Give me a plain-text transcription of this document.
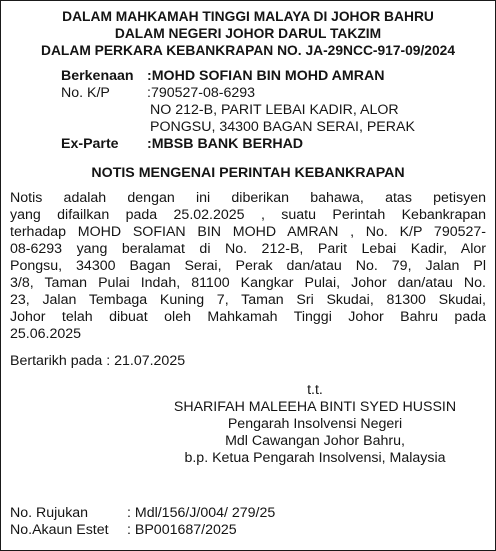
DALAM MAHKAMAH TINGGI MALAYA DI JOHOR BAHRU
DALAM NEGERI JOHOR DARUL TAKZIM
DALAM PERKARA KEBANKRAPAN NO. JA-29NCC-917-09/2024
Berkenaan :MOHD SOFIAN BIN MOHD AMRAN
No. K/P	:790527-08-6293
NO 212-B, PARIT LEBAI KADIR, ALOR
PONGSU, 34300 BAGAN SERAI, PERAK
Ex-Parte	:MBSB BANK BERHAD
NOTIS MENGENAI PERINTAH KEBANKRAPAN
Notis adalah dengan ini diberikan bahawa, atas petisyen
yang difailkan pada 25.02.2025 , suatu Perintah Kebankrapan
terhadap MOHD SOFIAN BIN MOHD AMRAN , No. K/P 790527-
08-6293 yang beralamat di No. 212-B, Parit Lebai Kadir, Alor
Pongsu, 34300 Bagan Serai, Perak dan/atau No. 79, Jalan Pl
3/8, Taman Pulai Indah, 81100 Kangkar Pulai, Johor dan/atau No.
23, Jalan Tembaga Kuning 7, Taman Sri Skudai, 81300 Skudai,
Johor telah dibuat oleh Mahkamah Tinggi Johor Bahru pada
25.06.2025
Bertarikh pada : 21.07.2025
t.t.
SHARIFAH MALEEHA BINTI SYED HUSSIN
Pengarah Insolvensi Negeri
Mdl Cawangan Johor Bahru,
b.p. Ketua Pengarah Insolvensi, Malaysia
No. Rujukan	: Mdl/156/J/004/ 279/25
No.Akaun Estet	: BP001687/2025
